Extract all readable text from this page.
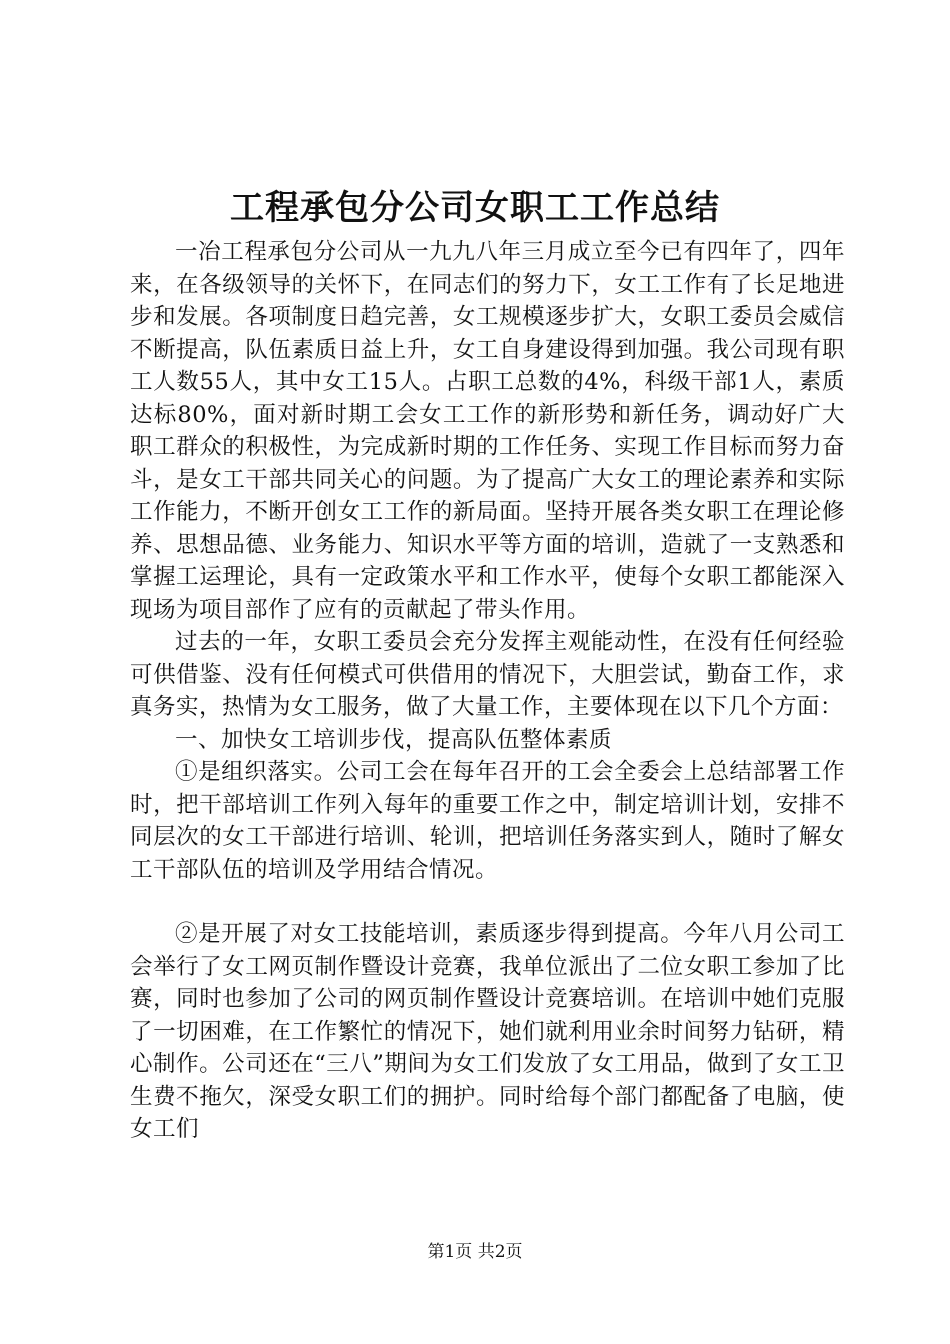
工程承包分公司女职工工作总结

一冶工程承包分公司从一九九八年三月成立至今已有四年了，四年来，在各级领导的关怀下，在同志们的努力下，女工工作有了长足地进步和发展。各项制度日趋完善，女工规模逐步扩大，女职工委员会威信不断提高，队伍素质日益上升，女工自身建设得到加强。我公司现有职工人数55人，其中女工15人。占职工总数的4%，科级干部1人，素质达标80%，面对新时期工会女工工作的新形势和新任务，调动好广大职工群众的积极性，为完成新时期的工作任务、实现工作目标而努力奋斗，是女工干部共同关心的问题。为了提高广大女工的理论素养和实际工作能力，不断开创女工工作的新局面。坚持开展各类女职工在理论修养、思想品德、业务能力、知识水平等方面的培训，造就了一支熟悉和掌握工运理论，具有一定政策水平和工作水平，使每个女职工都能深入现场为项目部作了应有的贡献起了带头作用。

过去的一年，女职工委员会充分发挥主观能动性，在没有任何经验可供借鉴、没有任何模式可供借用的情况下，大胆尝试，勤奋工作，求真务实，热情为女工服务，做了大量工作，主要体现在以下几个方面：

一、加快女工培训步伐，提高队伍整体素质

①是组织落实。公司工会在每年召开的工会全委会上总结部署工作时，把干部培训工作列入每年的重要工作之中，制定培训计划，安排不同层次的女工干部进行培训、轮训，把培训任务落实到人，随时了解女工干部队伍的培训及学用结合情况。

②是开展了对女工技能培训，素质逐步得到提高。今年八月公司工会举行了女工网页制作暨设计竞赛，我单位派出了二位女职工参加了比赛，同时也参加了公司的网页制作暨设计竞赛培训。在培训中她们克服了一切困难，在工作繁忙的情况下，她们就利用业余时间努力钻研，精心制作。公司还在“三八”期间为女工们发放了女工用品，做到了女工卫生费不拖欠，深受女职工们的拥护。同时给每个部门都配备了电脑，使女工们

第1页 共2页
